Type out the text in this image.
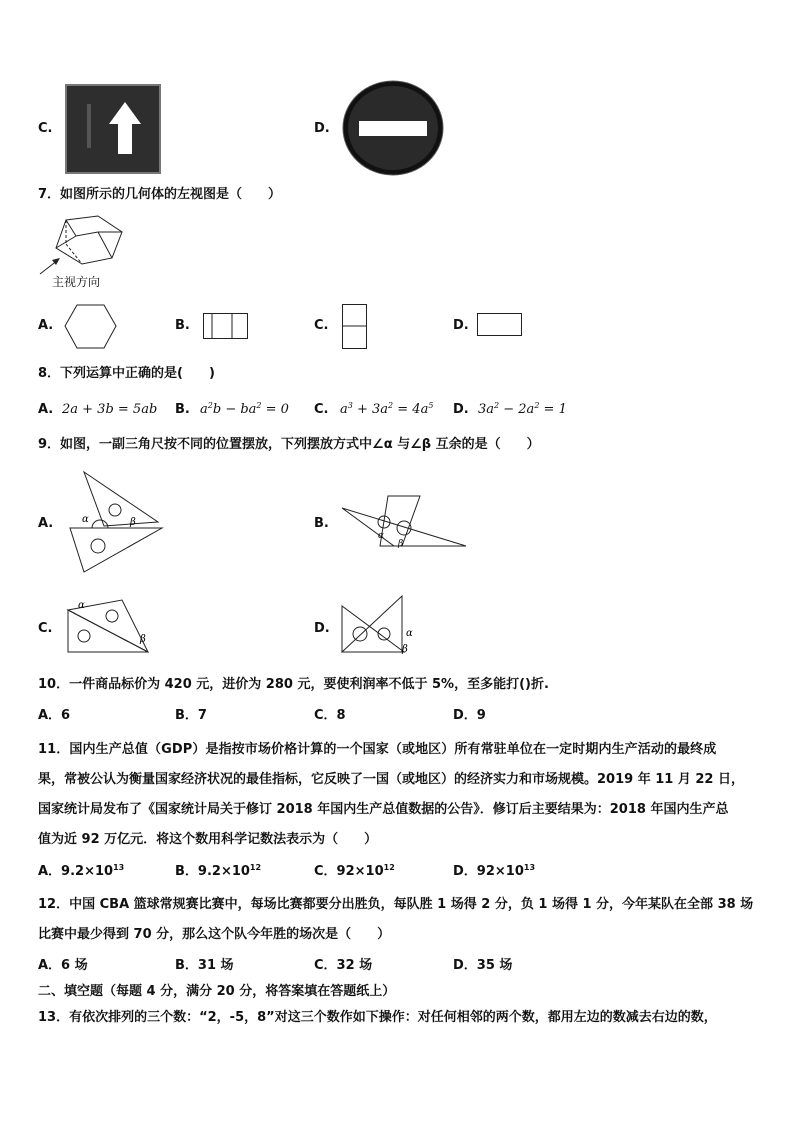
C.	D.
7．如图所示的几何体的左视图是（　　）
主视方向
A.	B.	C.	D.
8．下列运算中正确的是(　　)
A. 2a + 3b = 5ab B. $a^2b - ba^2 = 0$ C. $a^3 + 3a^2 = 4a^5$ D. $3a^2 - 2a^2 = 1$
9．如图，一副三角尺按不同的位置摆放，下列摆放方式中∠α 与∠β 互余的是（　　）
A.	α	β	B.
α
β
C.
α
β
D.	α
β
10．一件商品标价为 420 元，进价为 280 元，要使利润率不低于 5%，至多能打()折.
A．6	B．7	C．8	D．9
11．国内生产总值（GDP）是指按市场价格计算的一个国家（或地区）所有常驻单位在一定时期内生产活动的最终成
果，常被公认为衡量国家经济状况的最佳指标，它反映了一国（或地区）的经济实力和市场规模。2019 年 11 月 22 日，
国家统计局发布了《国家统计局关于修订 2018 年国内生产总值数据的公告》．修订后主要结果为：2018 年国内生产总
值为近 92 万亿元．将这个数用科学记数法表示为（　　）
A．$9.2\times 10^{13}$	B．$9.2\times 10^{12}$	C．$92\times 10^{12}$	D．$92\times 10^{13}$
12．中国 CBA 篮球常规赛比赛中，每场比赛都要分出胜负，每队胜 1 场得 2 分，负 1 场得 1 分，今年某队在全部 38 场
比赛中最少得到 70 分，那么这个队今年胜的场次是（　　）
A．6 场	B．31 场	C．32 场	D．35 场
二、填空题（每题 4 分，满分 20 分，将答案填在答题纸上）
13．有依次排列的三个数：“2，-5，8”对这三个数作如下操作：对任何相邻的两个数，都用左边的数减去右边的数，
